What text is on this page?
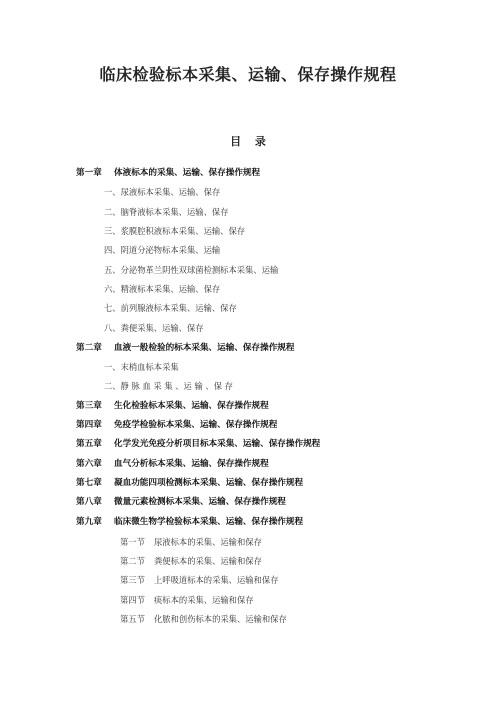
临床检验标本采集、运输、保存操作规程
目 录
第一章 体液标本的采集、运输、保存操作规程
一、尿液标本采集、运输、保存
二、脑脊液标本采集、运输、保存
三、浆膜腔积液标本采集、运输、保存
四、阴道分泌物标本采集、运输
五、分泌物革兰阴性双球菌检测标本采集、运输
六、精液标本采集、运输、保存
七、前列腺液标本采集、运输、保存
八、粪便采集、运输、保存
第二章 血液一般检验的标本采集、运输、保存操作规程
一、末梢血标本采集
二、静 脉 血 采 集 、运 输 、保 存
第三章 生化检验标本采集、运输、保存操作规程
第四章 免疫学检验标本采集、运输、保存操作规程
第五章 化学发光免疫分析项目标本采集、运输、保存操作规程
第六章 血气分析标本采集、运输、保存操作规程
第七章 凝血功能四项检测标本采集、运输、保存操作规程
第八章 微量元素检测标本采集、运输、保存操作规程
第九章 临床微生物学检验标本采集、运输、保存操作规程
第一节 尿液标本的采集、运输和保存
第二节 粪便标本的采集、运输和保存
第三节 上呼吸道标本的采集、运输和保存
第四节 痰标本的采集、运输和保存
第五节 化脓和创伤标本的采集、运输和保存
